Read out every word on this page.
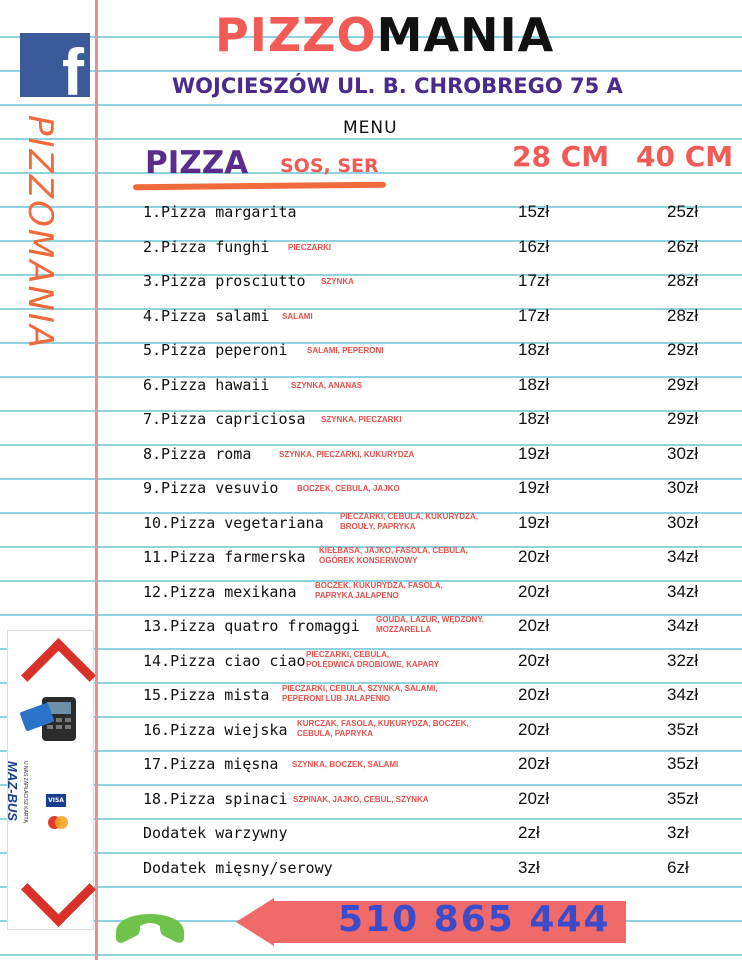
f
PIZZOMANIA
PIZZOMANIA
WOJCIESZÓW UL. B. CHROBREGO 75 A
MENU
PIZZA SOS, SER	28 CM 40 CM
1.Pizza margarita	15zł	25zł
2.Pizza funghi PIECZARKI	16zł	26zł
3.Pizza prosciutto SZYNKA	17zł	28zł
4.Pizza salami SALAMI	17zł	28zł
5.Pizza peperoni SALAMI, PEPERONI	18zł	29zł
6.Pizza hawaii	SZYNKA, ANANAS	18zł	29zł
7.Pizza capriciosa SZYNKA, PIECZARKI	18zł	29zł
8.Pizza roma	SZYNKA, PIECZARKI, KUKURYDZA	19zł	30zł
9.Pizza vesuvio BOCZEK, CEBULA, JAJKO	19zł	30zł
10.Pizza vegetariana PIECZARKI, CEBULA, KUKURYDZA,
BROUŁY, PAPRYKA	19zł	30zł
11.Pizza farmerska KIEŁBASA, JAJKO, FASOLA, CEBULA,
OGÓREK KONSERWOWY	20zł	34zł
12.Pizza mexikana BOCZEK, KUKURYDZA, FASOLA,
PAPRYKA JALAPENO	20zł	34zł
13.Pizza quatro fromaggi GOUDA, LAZUR, WĘDZONY,
MOZZARELLA	20zł	34zł
14.Pizza ciao ciao PIECZARKI, CEBULA,
POLĘDWICA DROBIOWE, KAPARY	20zł	32zł
15.Pizza mista PIECZARKI, CEBULA, SZYNKA, SALAMI,
PEPERONI LUB JALAPENIO	20zł	34zł
16.Pizza wiejska KURCZAK, FASOLA, KUKURYDZA, BOCZEK,
CEBULA, PAPRYKA	20zł	35zł
17.Pizza mięsna SZYNKA, BOCZEK, SALAMI	20zł	35zł
18.Pizza spinaci SZPINAK, JAJKO, CEBUL, SZYNKA	20zł	35zł
Dodatek warzywny	2zł	3zł
Dodatek mięsny/serowy	3zł	6zł
U NAS ZAPŁACISZ KARTĄ
MAZ-BUS	VISA
510 865 444
